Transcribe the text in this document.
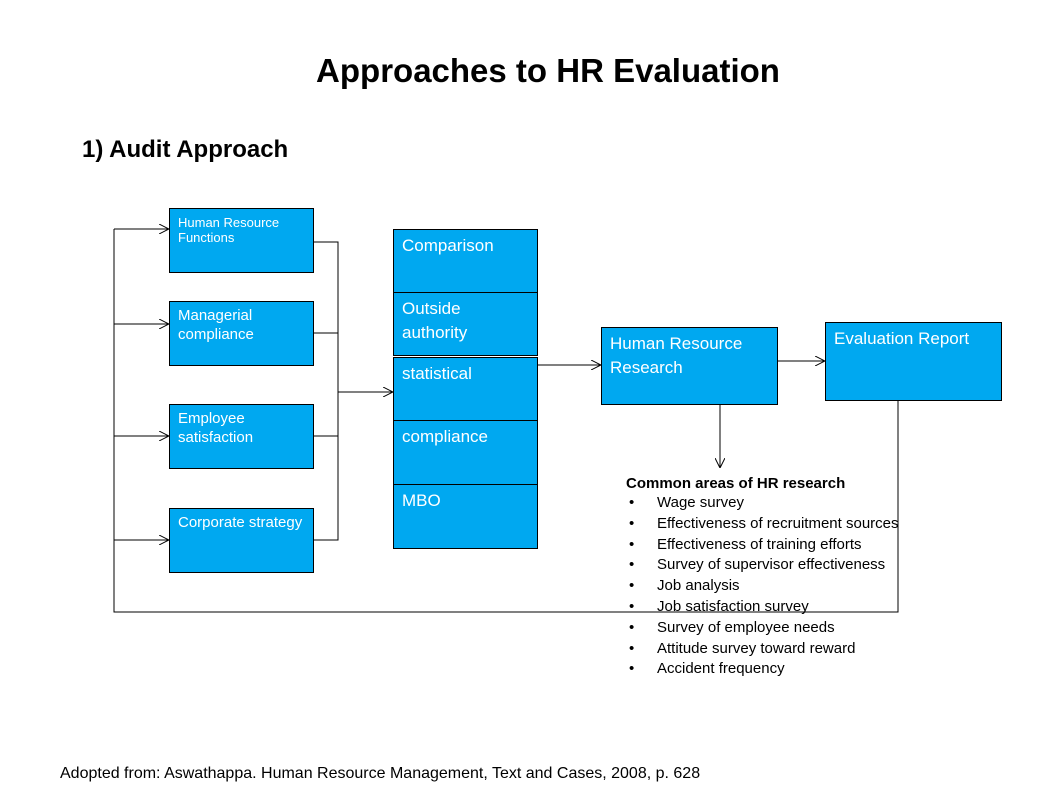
Approaches to HR Evaluation
1) Audit Approach
Human Resource Functions
Managerial compliance
Employee satisfaction
Corporate strategy
Comparison
Outside authority
statistical
compliance
MBO
Human Resource Research
Evaluation Report
Common areas of HR research
• Wage survey
• Effectiveness of recruitment sources
• Effectiveness of training efforts
• Survey of supervisor effectiveness
• Job analysis
• Job satisfaction survey
• Survey of employee needs
• Attitude survey toward reward
• Accident frequency
Adopted from: Aswathappa. Human Resource Management, Text and Cases, 2008, p. 628
